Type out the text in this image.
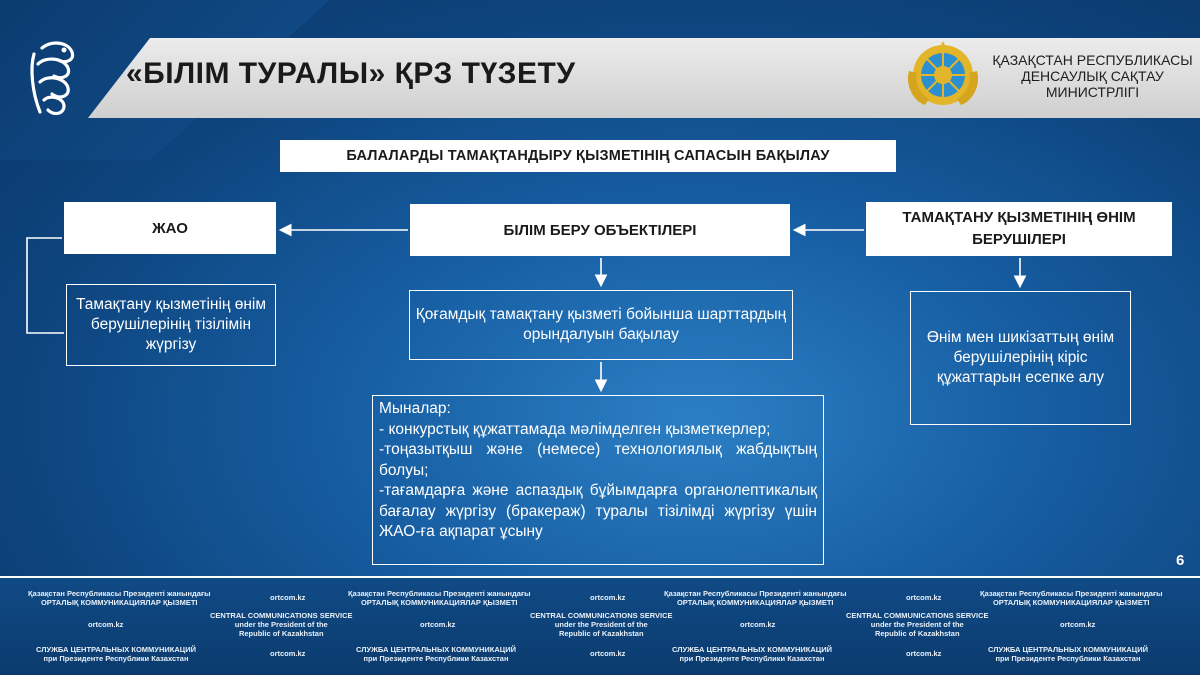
«БІЛІМ ТУРАЛЫ» ҚРЗ ТҮЗЕТУ	ҚАЗАҚСТАН РЕСПУБЛИКАСЫ
ДЕНСАУЛЫҚ САҚТАУ
МИНИСТРЛІГІ
БАЛАЛАРДЫ ТАМАҚТАНДЫРУ ҚЫЗМЕТІНІҢ САПАСЫН БАҚЫЛАУ
ЖАО	БІЛІМ БЕРУ ОБЪЕКТІЛЕРІ
ТАМАҚТАНУ ҚЫЗМЕТІНІҢ ӨНІМ БЕРУШІЛЕРІ
Тамақтану қызметінің өнім берушілерінің тізілімін жүргізу
Қоғамдық тамақтану қызметі бойынша шарттардың орындалуын бақылау	Өнім мен шикізаттың өнім берушілерінің кіріс құжаттарын есепке алу

Мыналар:

- конкурстық құжаттамада мәлімделген қызметкерлер;

-тоңазытқыш және (немесе) технологиялық жабдықтың болуы;

-тағамдарға және аспаздық бұйымдарға органолептикалық бағалау жүргізу (бракераж) туралы тізілімді жүргізу үшін ЖАО-ға ақпарат ұсыну

6
Қазақстан Республикасы Президенті жанындағы
ОРТАЛЫҚ КОММУНИКАЦИЯЛАР ҚЫЗМЕТІ
ortcom.kz	Қазақстан Республикасы Президенті жанындағы
ОРТАЛЫҚ КОММУНИКАЦИЯЛАР ҚЫЗМЕТІ
ortcom.kz	Қазақстан Республикасы Президенті жанындағы
ОРТАЛЫҚ КОММУНИКАЦИЯЛАР ҚЫЗМЕТІ
ortcom.kz	Қазақстан Республикасы Президенті жанындағы
ОРТАЛЫҚ КОММУНИКАЦИЯЛАР ҚЫЗМЕТІ
ortcom.kz
CENTRAL COMMUNICATIONS SERVICE
under the President of the
Republic of Kazakhstan
ortcom.kz
CENTRAL COMMUNICATIONS SERVICE
under the President of the
Republic of Kazakhstan
ortcom.kz
CENTRAL COMMUNICATIONS SERVICE
under the President of the
Republic of Kazakhstan
ortcom.kz
СЛУЖБА ЦЕНТРАЛЬНЫХ КОММУНИКАЦИЙ
при Президенте Республики Казахстан
ortcom.kz	СЛУЖБА ЦЕНТРАЛЬНЫХ КОММУНИКАЦИЙ
при Президенте Республики Казахстан
ortcom.kz	СЛУЖБА ЦЕНТРАЛЬНЫХ КОММУНИКАЦИЙ
при Президенте Республики Казахстан
ortcom.kz	СЛУЖБА ЦЕНТРАЛЬНЫХ КОММУНИКАЦИЙ
при Президенте Республики Казахстан
